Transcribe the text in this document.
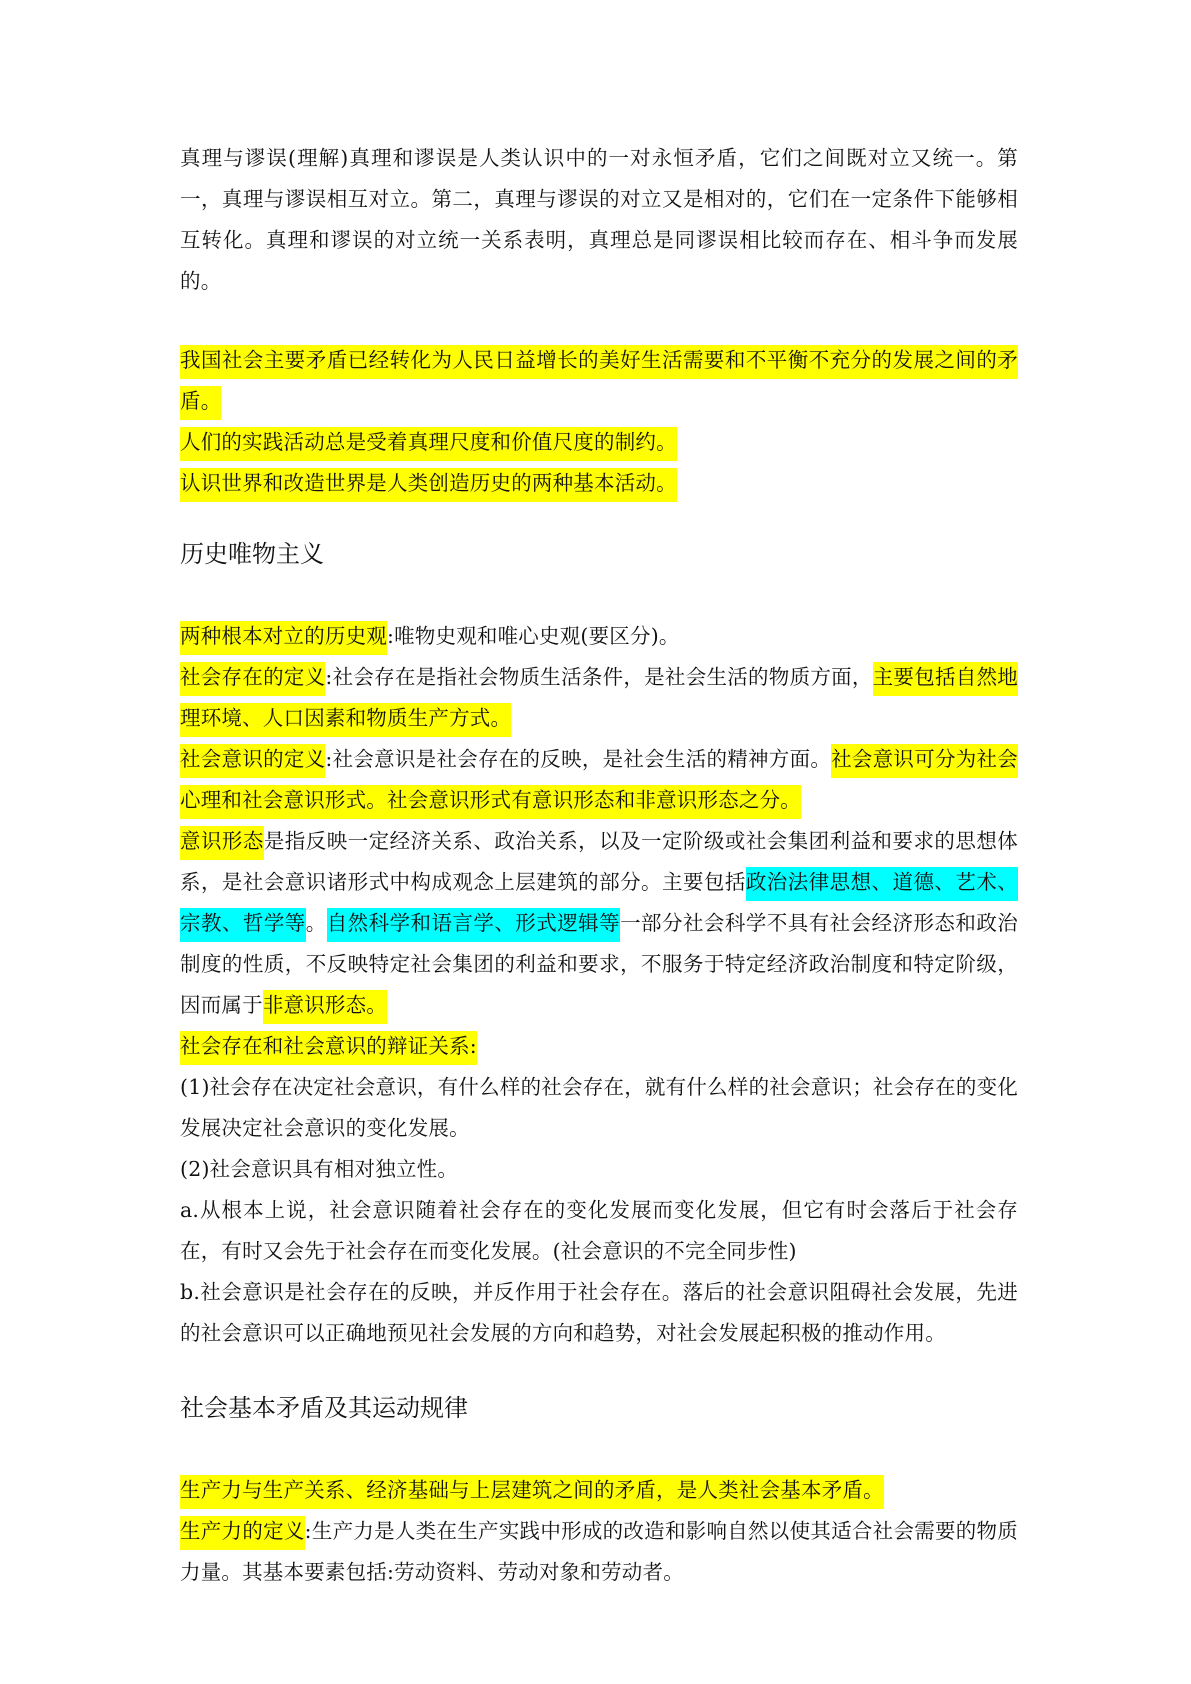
真理与谬误(理解)真理和谬误是人类认识中的一对永恒矛盾，它们之间既对立又统一。第一，真理与谬误相互对立。第二，真理与谬误的对立又是相对的，它们在一定条件下能够相互转化。真理和谬误的对立统一关系表明，真理总是同谬误相比较而存在、相斗争而发展的。

我国社会主要矛盾已经转化为人民日益增长的美好生活需要和不平衡不充分的发展之间的矛盾。

人们的实践活动总是受着真理尺度和价值尺度的制约。

认识世界和改造世界是人类创造历史的两种基本活动。

历史唯物主义

两种根本对立的历史观:唯物史观和唯心史观(要区分)。

社会存在的定义:社会存在是指社会物质生活条件，是社会生活的物质方面，主要包括自然地理环境、人口因素和物质生产方式。

社会意识的定义:社会意识是社会存在的反映，是社会生活的精神方面。社会意识可分为社会心理和社会意识形式。社会意识形式有意识形态和非意识形态之分。

意识形态是指反映一定经济关系、政治关系，以及一定阶级或社会集团利益和要求的思想体系，是社会意识诸形式中构成观念上层建筑的部分。主要包括政治法律思想、道德、艺术、宗教、哲学等。自然科学和语言学、形式逻辑等一部分社会科学不具有社会经济形态和政治制度的性质，不反映特定社会集团的利益和要求，不服务于特定经济政治制度和特定阶级，因而属于非意识形态。

社会存在和社会意识的辩证关系:

(1)社会存在决定社会意识，有什么样的社会存在，就有什么样的社会意识；社会存在的变化发展决定社会意识的变化发展。

(2)社会意识具有相对独立性。

a.从根本上说，社会意识随着社会存在的变化发展而变化发展，但它有时会落后于社会存在，有时又会先于社会存在而变化发展。(社会意识的不完全同步性)

b.社会意识是社会存在的反映，并反作用于社会存在。落后的社会意识阻碍社会发展，先进的社会意识可以正确地预见社会发展的方向和趋势，对社会发展起积极的推动作用。

社会基本矛盾及其运动规律

生产力与生产关系、经济基础与上层建筑之间的矛盾，是人类社会基本矛盾。

生产力的定义:生产力是人类在生产实践中形成的改造和影响自然以使其适合社会需要的物质力量。其基本要素包括:劳动资料、劳动对象和劳动者。
